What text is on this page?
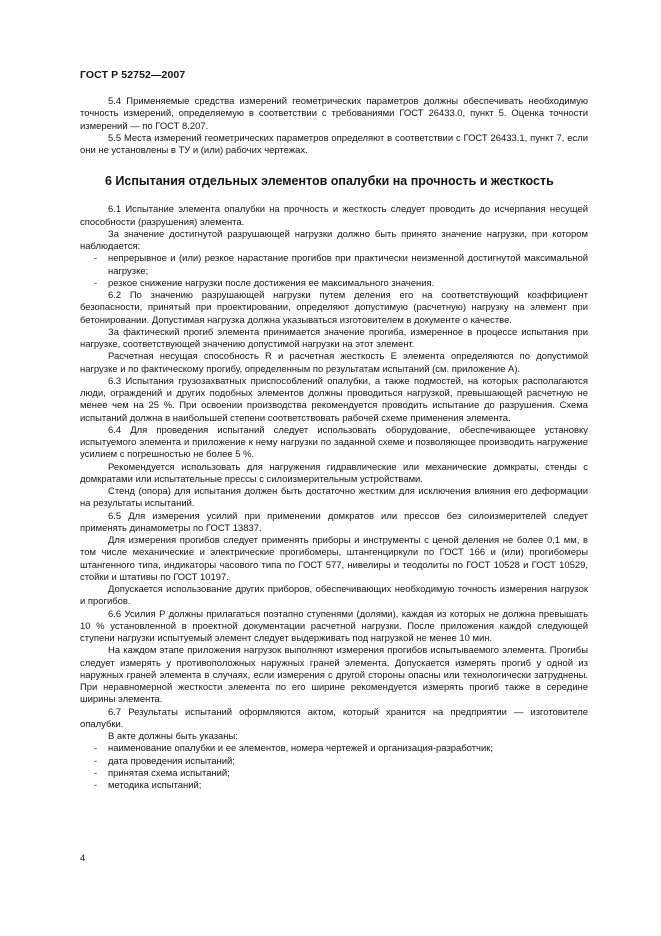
ГОСТ Р 52752—2007

5.4 Применяемые средства измерений геометрических параметров должны обеспечивать необходимую точность измерений, определяемую в соответствии с требованиями ГОСТ 26433.0, пункт 5. Оценка точности измерений — по ГОСТ 8.207.

5.5 Места измерений геометрических параметров определяют в соответствии с ГОСТ 26433.1, пункт 7, если они не установлены в ТУ и (или) рабочих чертежах.

6 Испытания отдельных элементов опалубки на прочность и жесткость

6.1 Испытание элемента опалубки на прочность и жесткость следует проводить до исчерпания несущей способности (разрушения) элемента.

За значение достигнутой разрушающей нагрузки должно быть принято значение нагрузки, при котором наблюдается:

- непрерывное и (или) резкое нарастание прогибов при практически неизменной достигнутой максимальной нагрузке;

- резкое снижение нагрузки после достижения ее максимального значения.

6.2 По значению разрушающей нагрузки путем деления его на соответствующий коэффициент безопасности, принятый при проектировании, определяют допустимую (расчетную) нагрузку на элемент при бетонировании. Допустимая нагрузка должна указываться изготовителем в документе о качестве.

За фактический прогиб элемента принимается значение прогиба, измеренное в процессе испытания при нагрузке, соответствующей значению допустимой нагрузки на этот элемент.

Расчетная несущая способность R и расчетная жесткость E элемента определяются по допустимой нагрузке и по фактическому прогибу, определенным по результатам испытаний (см. приложение А).

6.3 Испытания грузозахватных приспособлений опалубки, а также подмостей, на которых располагаются люди, ограждений и других подобных элементов должны проводиться нагрузкой, превышающей расчетную не менее чем на 25 %. При освоении производства рекомендуется проводить испытание до разрушения. Схема испытаний должна в наибольшей степени соответствовать рабочей схеме применения элемента.

6.4 Для проведения испытаний следует использовать оборудование, обеспечивающее установку испытуемого элемента и приложение к нему нагрузки по заданной схеме и позволяющее производить нагружение усилием с погрешностью не более 5 %.

Рекомендуется использовать для нагружения гидравлические или механические домкраты, стенды с домкратами или испытательные прессы с силоизмерительным устройствами.

Стенд (опора) для испытания должен быть достаточно жестким для исключения влияния его деформации на результаты испытаний.

6.5 Для измерения усилий при применении домкратов или прессов без силоизмерителей следует применять динамометры по ГОСТ 13837.

Для измерения прогибов следует применять приборы и инструменты с ценой деления не более 0,1 мм, в том числе механические и электрические прогибомеры, штангенциркули по ГОСТ 166 и (или) прогибомеры штангенного типа, индикаторы часового типа по ГОСТ 577, нивелиры и теодолиты по ГОСТ 10528 и ГОСТ 10529, стойки и штативы по ГОСТ 10197.

Допускается использование других приборов, обеспечивающих необходимую точность измерения нагрузок и прогибов.

6.6 Усилия P должны прилагаться поэтапно ступенями (долями), каждая из которых не должна превышать 10 % установленной в проектной документации расчетной нагрузки. После приложения каждой следующей ступени нагрузки испытуемый элемент следует выдерживать под нагрузкой не менее 10 мин.

На каждом этапе приложения нагрузок выполняют измерения прогибов испытываемого элемента. Прогибы следует измерять у противоположных наружных граней элемента. Допускается измерять прогиб у одной из наружных граней элемента в случаях, если измерения с другой стороны опасны или технологически затруднены. При неравномерной жесткости элемента по его ширине рекомендуется измерять прогиб также в середине ширины элемента.

6.7 Результаты испытаний оформляются актом, который хранится на предприятии — изготовителе опалубки.

В акте должны быть указаны:

- наименование опалубки и ее элементов, номера чертежей и организация-разработчик;

- дата проведения испытаний;

- принятая схема испытаний;

- методика испытаний;

4
